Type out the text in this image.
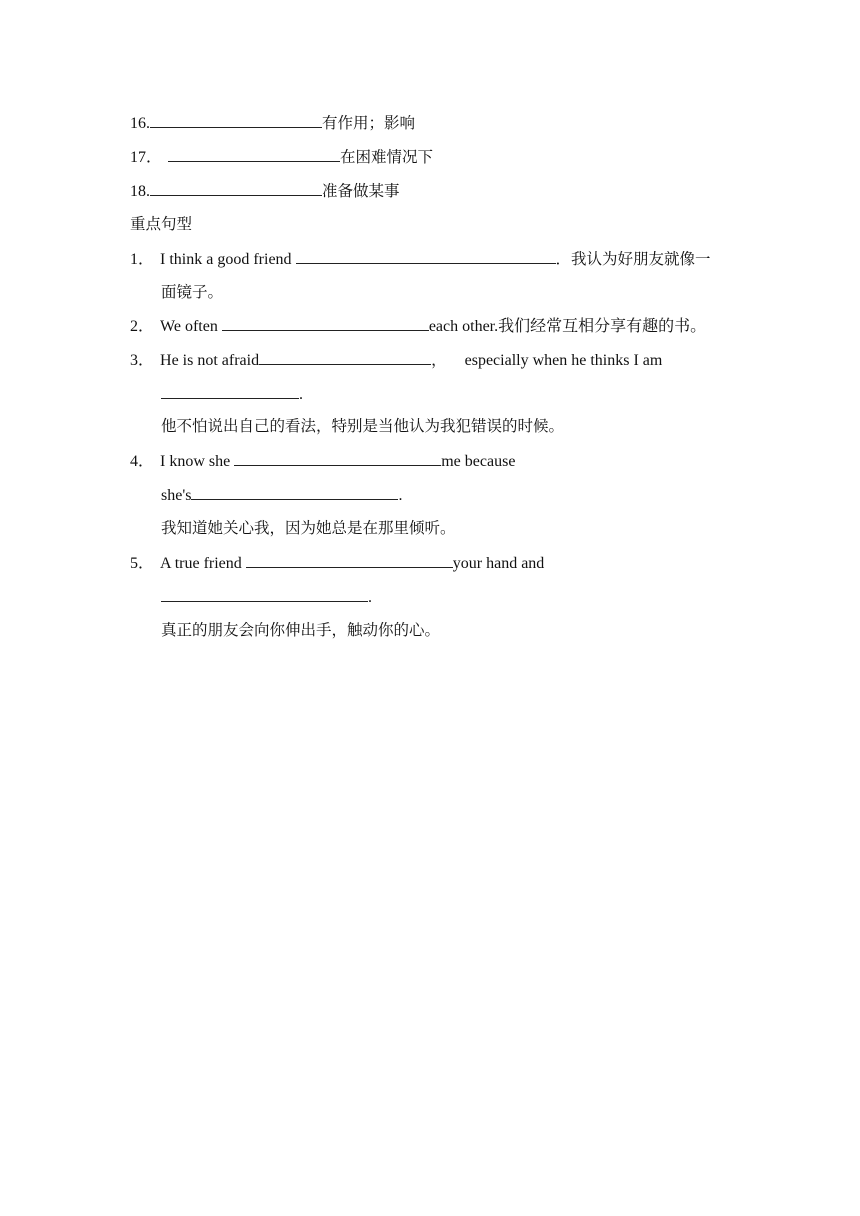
16.	有作用；影响
17．	在困难情况下
18.	准备做某事
重点句型
1． I think a good friend	．我认为好朋友就像一
面镜子。
2． We often	each other.我们经常互相分享有趣的书。
3． He is not afraid	， especially when he thinks I am
.
他不怕说出自己的看法，特别是当他认为我犯错误的时候。
4． I know she	me because
she's	.
我知道她关心我，因为她总是在那里倾听。
5． A true friend	your hand and
.
真正的朋友会向你伸出手，触动你的心。
